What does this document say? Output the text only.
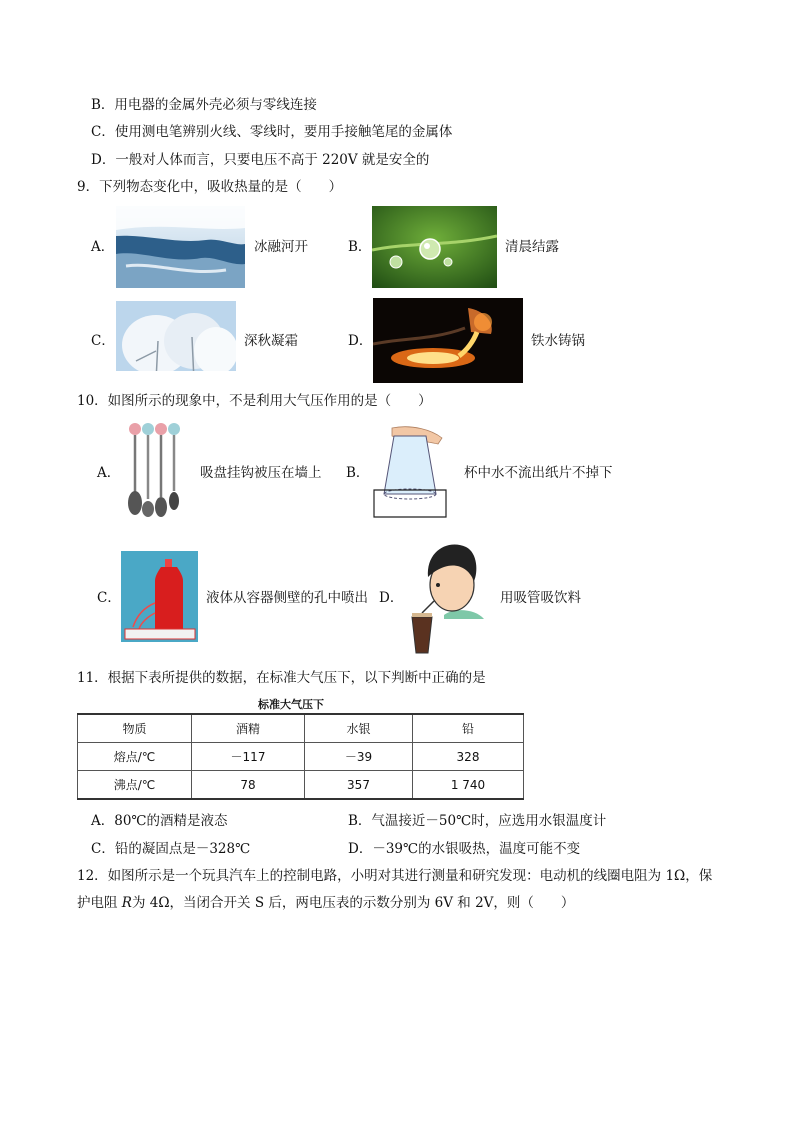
B．用电器的金属外壳必须与零线连接
C．使用测电笔辨别火线、零线时，要用手接触笔尾的金属体
D．一般对人体而言，只要电压不高于 220V 就是安全的
9．下列物态变化中，吸收热量的是（　　）
A．	冰融河开	B．	清晨结露
C．	深秋凝霜	D．	铁水铸锅
10．如图所示的现象中，不是利用大气压作用的是（　　）
A．	吸盘挂钩被压在墙上 B．	杯中水不流出纸片不掉下
C．	液体从容器侧壁的孔中喷出 D．	用吸管吸饮料
11．根据下表所提供的数据，在标准大气压下，以下判断中正确的是
标准大气压下
物质	酒精	水银	铅
熔点/℃	－117	－39	328
沸点/℃	78	357	1 740
A．80℃的酒精是液态	B．气温接近－50℃时，应选用水银温度计
C．铅的凝固点是－328℃	D．－39℃的水银吸热，温度可能不变
12．如图所示是一个玩具汽车上的控制电路，小明对其进行测量和研究发现：电动机的线圈电阻为 1Ω，保
护电阻 R为 4Ω，当闭合开关 S 后，两电压表的示数分别为 6V 和 2V，则（　　）
